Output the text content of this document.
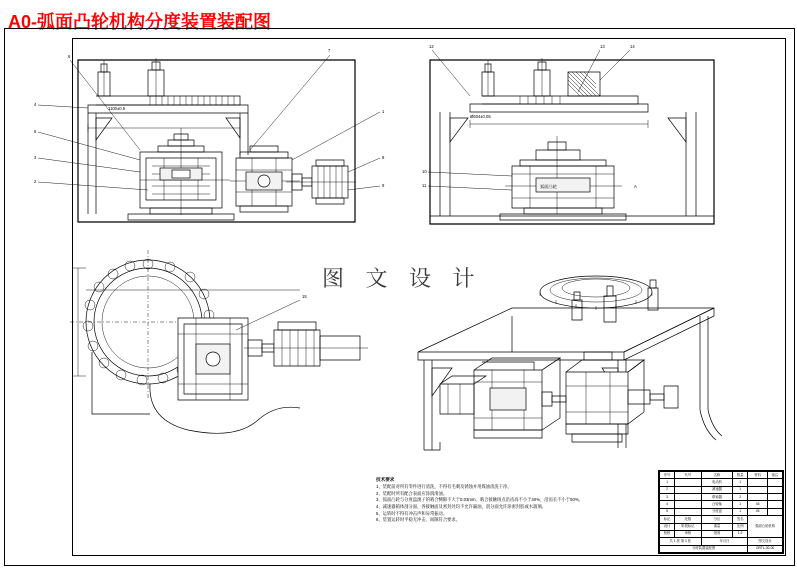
A0-弧面凸轮机构分度装置装配图
图 文 设 计
4
5
3
2
6
7
1
8
9
1100±0.5
弧面凸轮
12	13	14
10
11
Ø604±0.05
A
15
技术要求
1、装配前对所有零件进行清洗，不得有毛刺及锈蚀并用煤油清洗干净。
2、装配时所有配合表面应涂润滑油。
3、弧面凸轮与分度盘滚子的啮合侧隙不大于0.03mm，啮合接触斑点沿齿高不小于40%，沿齿长不小于50%。
4、减速器箱体剖分面、各接触面及密封处均不允许漏油，剖分面允许涂密封胶或水玻璃。
5、运转时不得有冲击声和异常振动。
6、装置运转时平稳无冲击，间隙符合要求。
序号	代号	名称	数量	材料	备注
1		电动机	1		
2		减速器	1		
3		联轴器	2		
4		凸轮轴	1	45	
5		分度盘	1	45	
标记	处数	分区	签名	弧面凸轮机构	
设计	阶段标记	重量	比例		
校核	审核	批准	1:2		
共 1 张 第 1 张		年月日		图文设计	
分度装置装配图				GRTL-00-00	
